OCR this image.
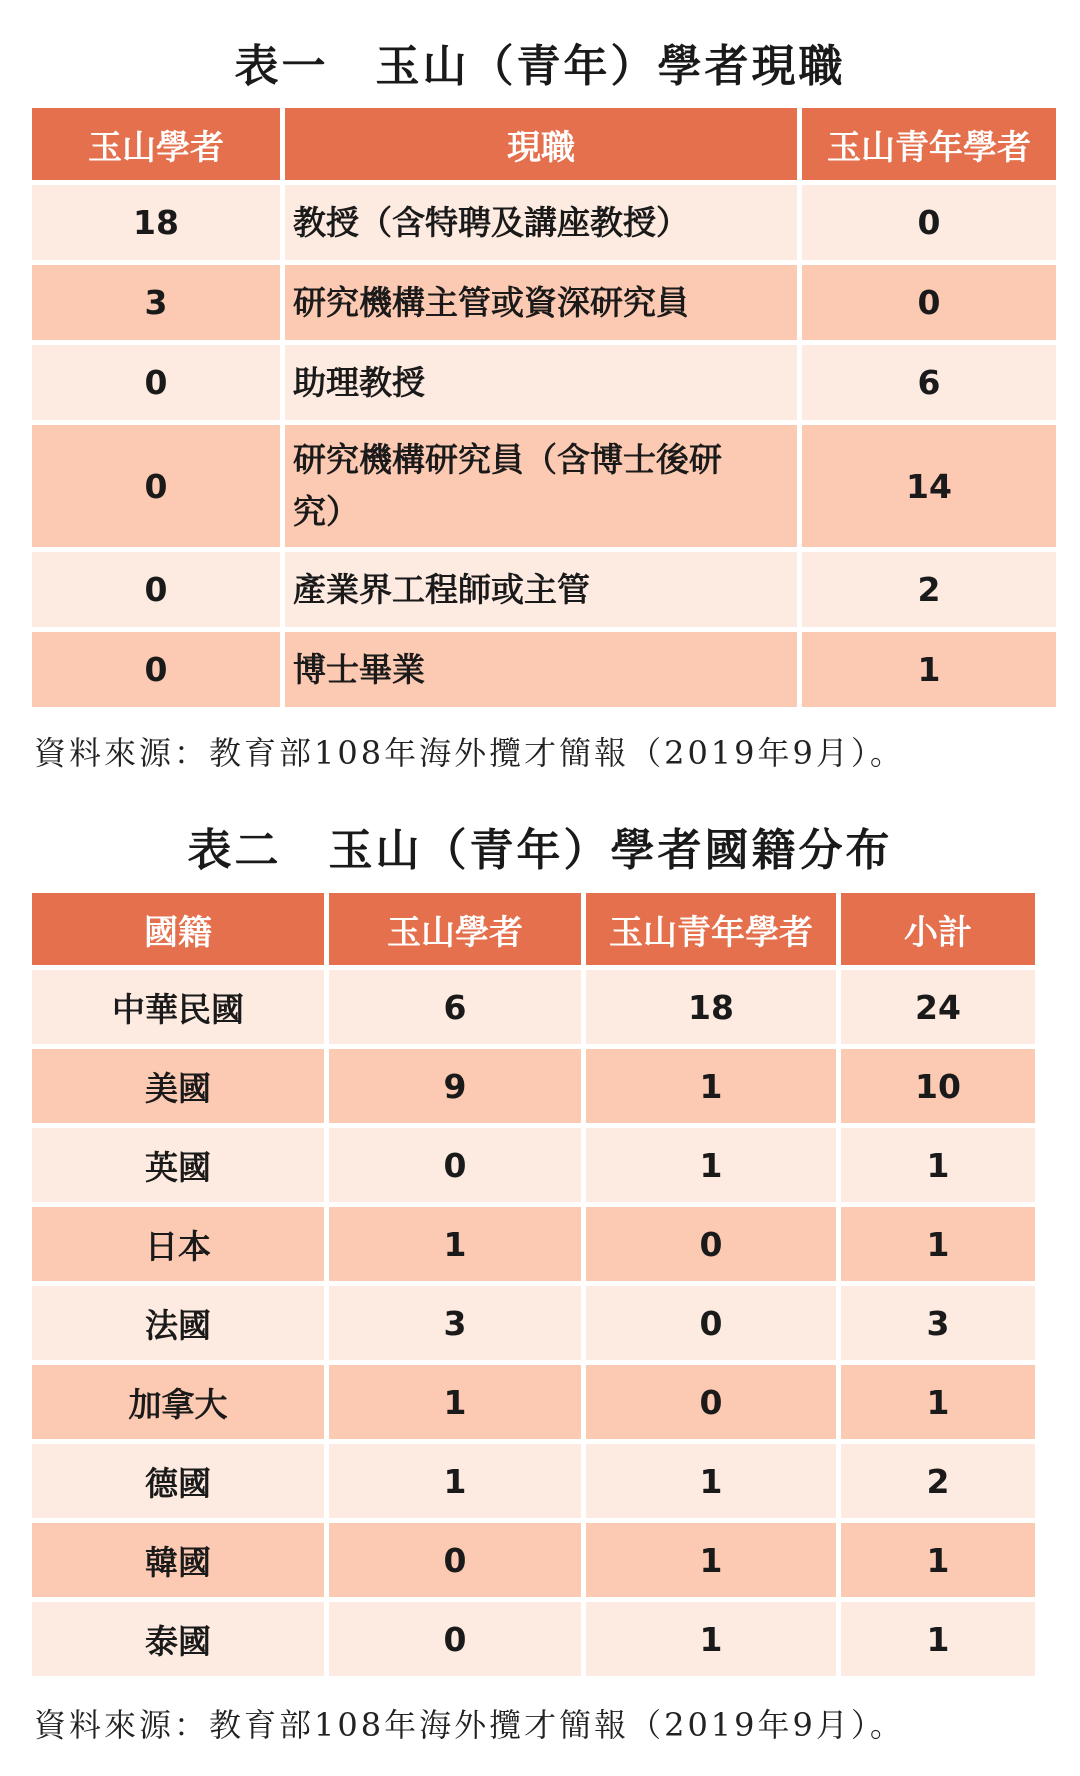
表一　玉山（青年）學者現職
玉山學者	現職	玉山青年學者
18	教授（含特聘及講座教授）	0
3	研究機構主管或資深研究員	0
0	助理教授	6
0	研究機構研究員（含博士後研究）	14
0	產業界工程師或主管	2
0	博士畢業	1
資料來源：教育部108年海外攬才簡報（2019年9月）。
表二　玉山（青年）學者國籍分布
國籍	玉山學者	玉山青年學者	小計
中華民國	6	18	24
美國	9	1	10
英國	0	1	1
日本	1	0	1
法國	3	0	3
加拿大	1	0	1
德國	1	1	2
韓國	0	1	1
泰國	0	1	1
資料來源：教育部108年海外攬才簡報（2019年9月）。
